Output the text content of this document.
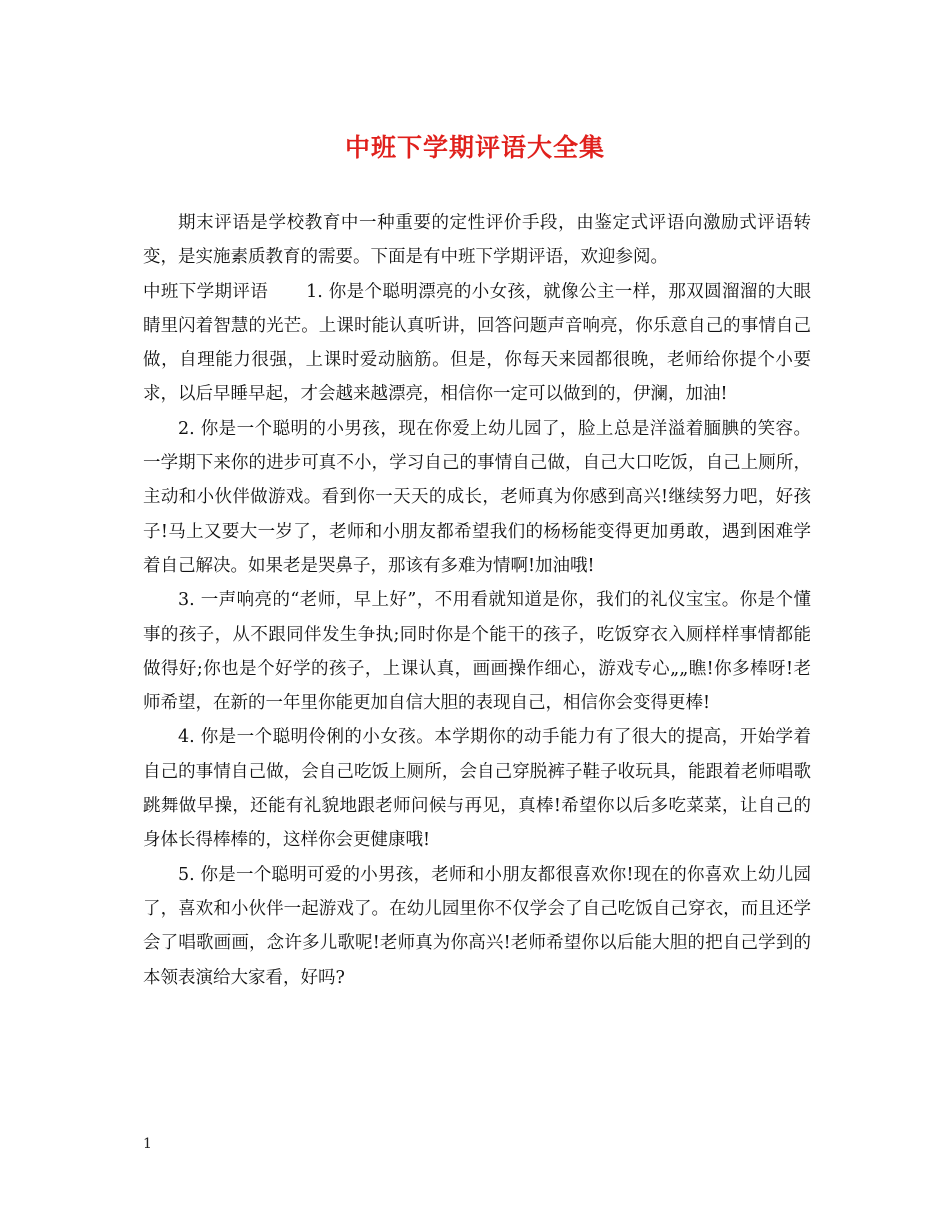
中班下学期评语大全集

期末评语是学校教育中一种重要的定性评价手段，由鉴定式评语向激励式评语转变，是实施素质教育的需要。下面是有中班下学期评语，欢迎参阅。

中班下学期评语 1. 你是个聪明漂亮的小女孩，就像公主一样，那双圆溜溜的大眼睛里闪着智慧的光芒。上课时能认真听讲，回答问题声音响亮，你乐意自己的事情自己做，自理能力很强，上课时爱动脑筋。但是，你每天来园都很晚，老师给你提个小要求，以后早睡早起，才会越来越漂亮，相信你一定可以做到的，伊澜，加油!

2. 你是一个聪明的小男孩，现在你爱上幼儿园了，脸上总是洋溢着腼腆的笑容。一学期下来你的进步可真不小，学习自己的事情自己做，自己大口吃饭，自己上厕所，主动和小伙伴做游戏。看到你一天天的成长，老师真为你感到高兴!继续努力吧，好孩子!马上又要大一岁了，老师和小朋友都希望我们的杨杨能变得更加勇敢，遇到困难学着自己解决。如果老是哭鼻子，那该有多难为情啊!加油哦!

3. 一声响亮的“老师，早上好”，不用看就知道是你，我们的礼仪宝宝。你是个懂事的孩子，从不跟同伴发生争执;同时你是个能干的孩子，吃饭穿衣入厕样样事情都能做得好;你也是个好学的孩子，上课认真，画画操作细心，游戏专心„„瞧!你多棒呀!老师希望，在新的一年里你能更加自信大胆的表现自己，相信你会变得更棒!

4. 你是一个聪明伶俐的小女孩。本学期你的动手能力有了很大的提高，开始学着自己的事情自己做，会自己吃饭上厕所，会自己穿脱裤子鞋子收玩具，能跟着老师唱歌跳舞做早操，还能有礼貌地跟老师问候与再见，真棒!希望你以后多吃菜菜，让自己的身体长得棒棒的，这样你会更健康哦!

5. 你是一个聪明可爱的小男孩，老师和小朋友都很喜欢你!现在的你喜欢上幼儿园了，喜欢和小伙伴一起游戏了。在幼儿园里你不仅学会了自己吃饭自己穿衣，而且还学会了唱歌画画，念许多儿歌呢!老师真为你高兴!老师希望你以后能大胆的把自己学到的本领表演给大家看，好吗?

1
